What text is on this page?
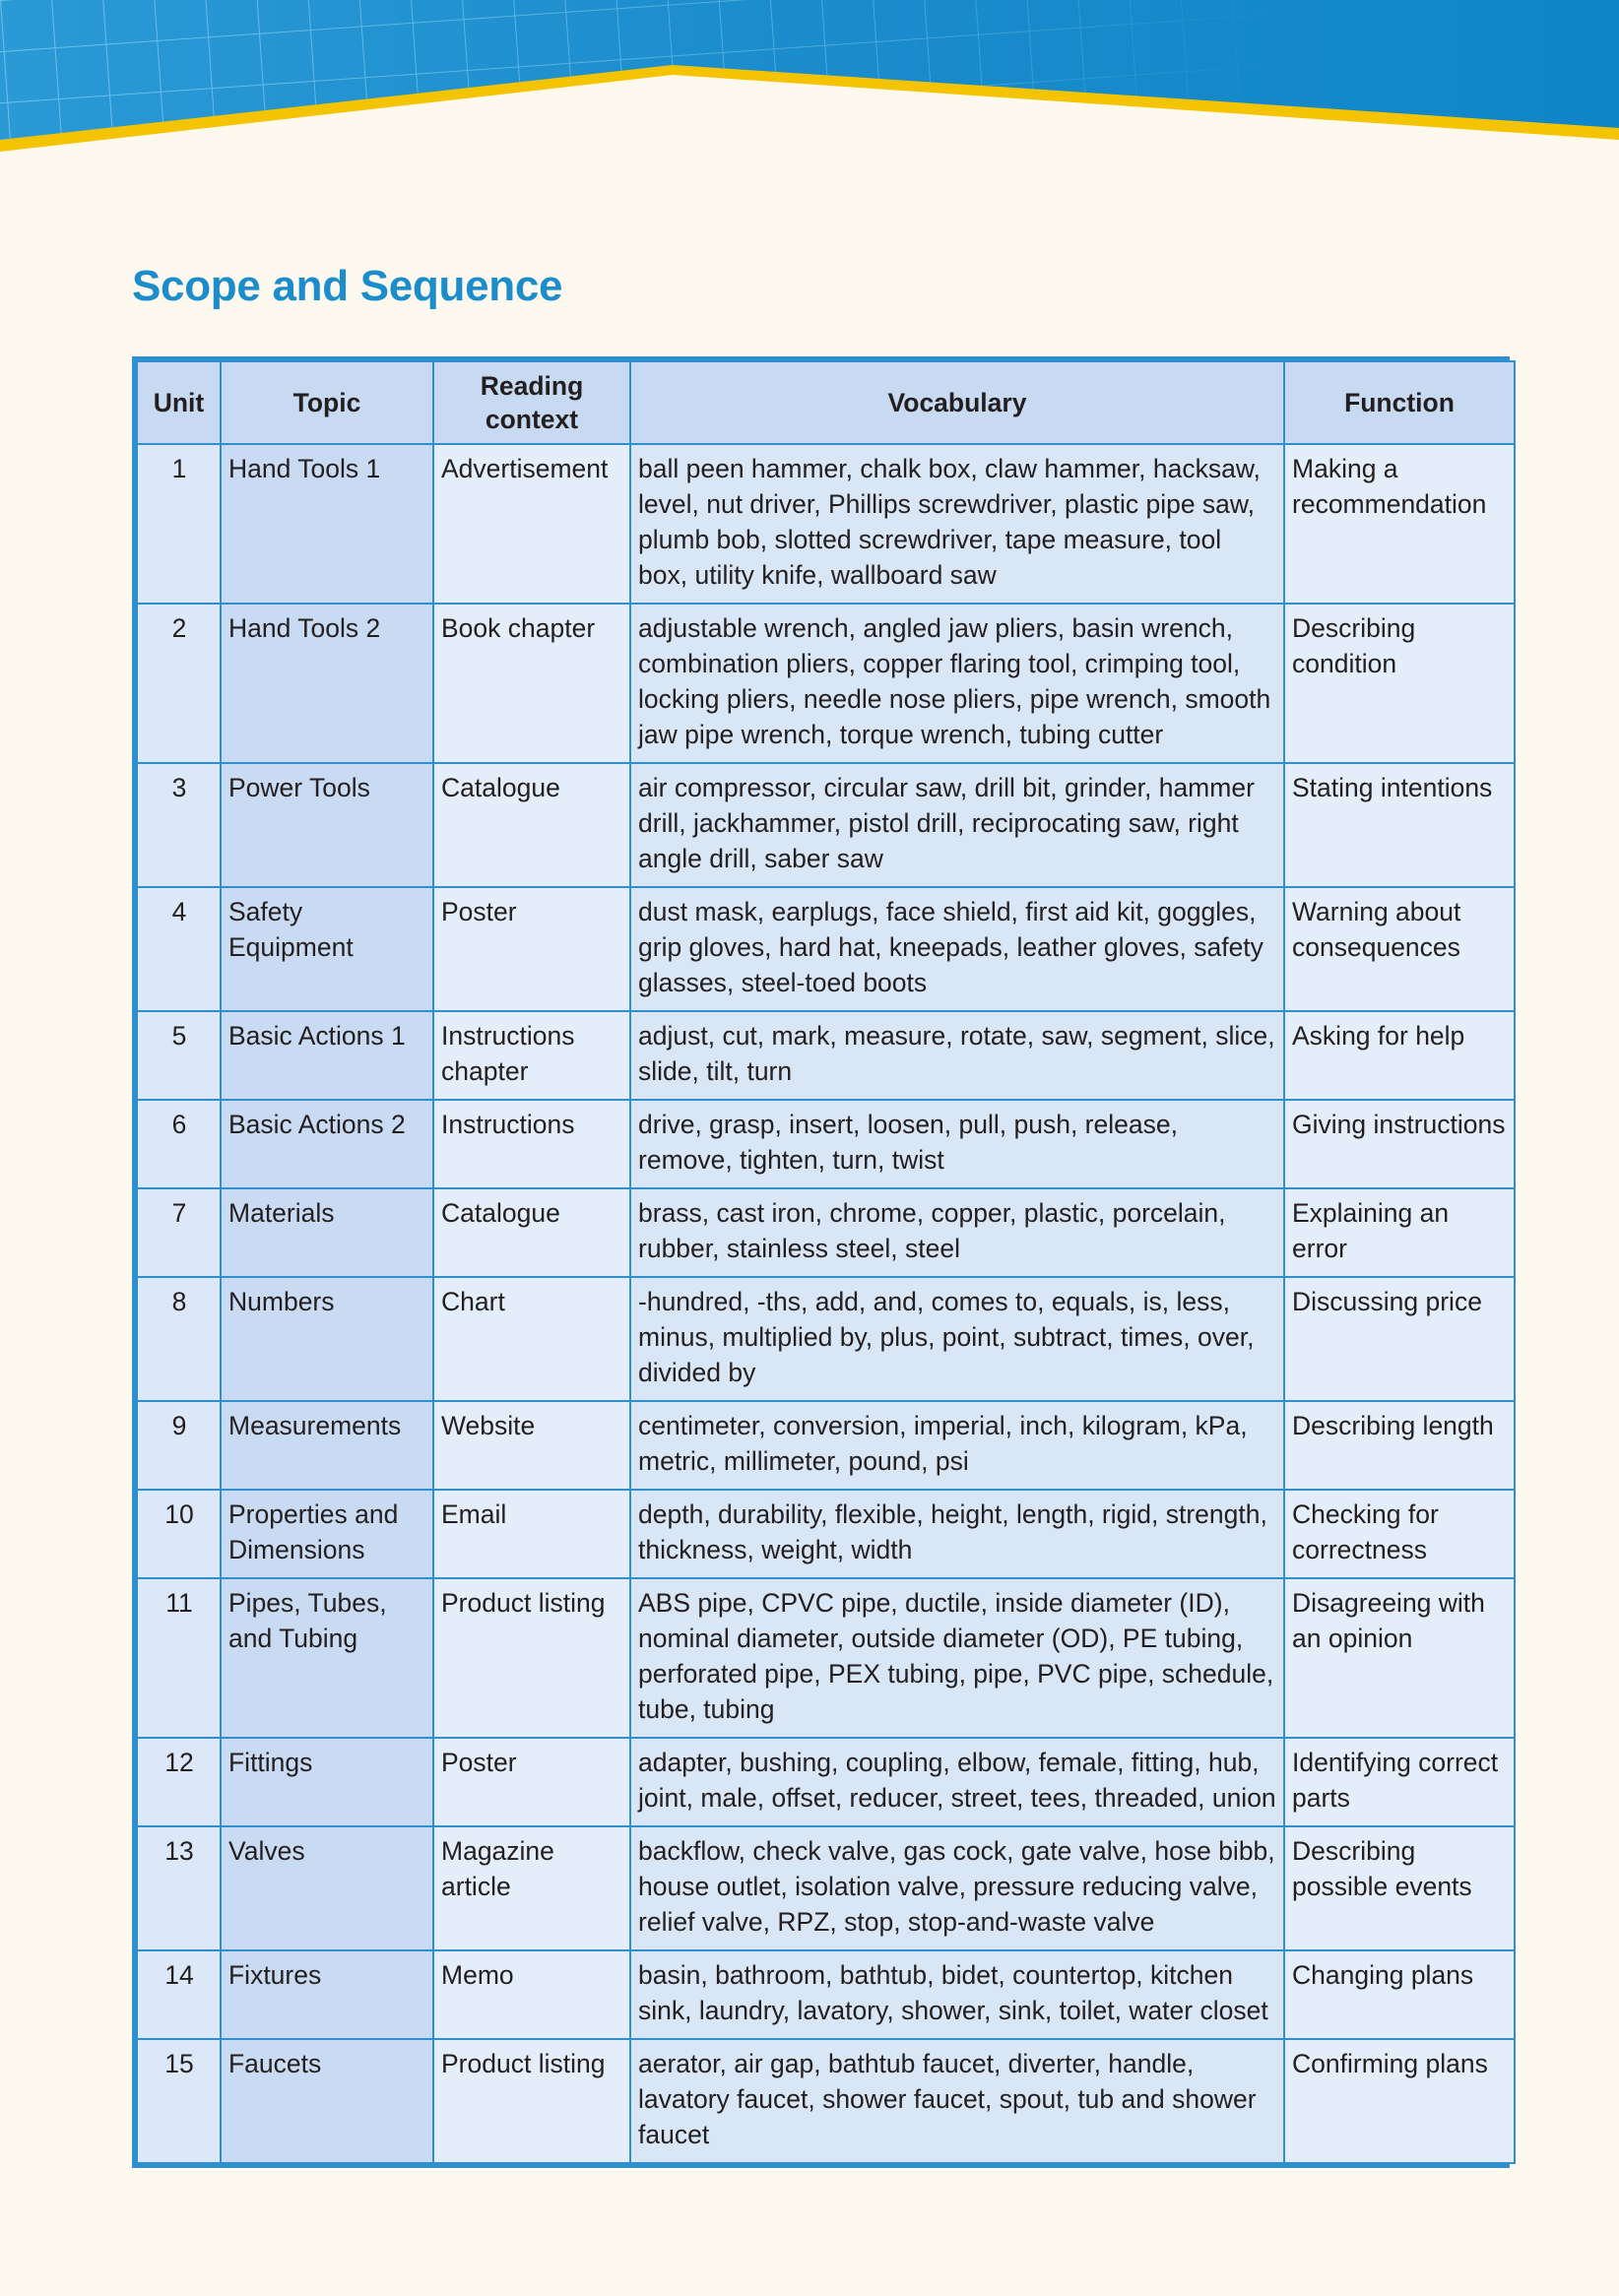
Scope and Sequence
Unit	Topic	Reading context	Vocabulary	Function
1	Hand Tools 1	Advertisement	ball peen hammer, chalk box, claw hammer, hacksaw, level, nut driver, Phillips screwdriver, plastic pipe saw, plumb bob, slotted screwdriver, tape measure, tool box, utility knife, wallboard saw	Making a recommendation
2	Hand Tools 2	Book chapter	adjustable wrench, angled jaw pliers, basin wrench, combination pliers, copper flaring tool, crimping tool, locking pliers, needle nose pliers, pipe wrench, smooth jaw pipe wrench, torque wrench, tubing cutter	Describing condition
3	Power Tools	Catalogue	air compressor, circular saw, drill bit, grinder, hammer drill, jackhammer, pistol drill, reciprocating saw, right angle drill, saber saw	Stating intentions
4	Safety Equipment	Poster	dust mask, earplugs, face shield, first aid kit, goggles, grip gloves, hard hat, kneepads, leather gloves, safety glasses, steel-toed boots	Warning about consequences
5	Basic Actions 1	Instructions chapter	adjust, cut, mark, measure, rotate, saw, segment, slice, slide, tilt, turn	Asking for help
6	Basic Actions 2	Instructions	drive, grasp, insert, loosen, pull, push, release, remove, tighten, turn, twist	Giving instructions
7	Materials	Catalogue	brass, cast iron, chrome, copper, plastic, porcelain, rubber, stainless steel, steel	Explaining an error
8	Numbers	Chart	-hundred, -ths, add, and, comes to, equals, is, less, minus, multiplied by, plus, point, subtract, times, over, divided by	Discussing price
9	Measurements	Website	centimeter, conversion, imperial, inch, kilogram, kPa, metric, millimeter, pound, psi	Describing length
10	Properties and Dimensions	Email	depth, durability, flexible, height, length, rigid, strength, thickness, weight, width	Checking for correctness
11	Pipes, Tubes, and Tubing	Product listing	ABS pipe, CPVC pipe, ductile, inside diameter (ID), nominal diameter, outside diameter (OD), PE tubing, perforated pipe, PEX tubing, pipe, PVC pipe, schedule, tube, tubing	Disagreeing with an opinion
12	Fittings	Poster	adapter, bushing, coupling, elbow, female, fitting, hub, joint, male, offset, reducer, street, tees, threaded, union	Identifying correct parts
13	Valves	Magazine article	backflow, check valve, gas cock, gate valve, hose bibb, house outlet, isolation valve, pressure reducing valve, relief valve, RPZ, stop, stop-and-waste valve	Describing possible events
14	Fixtures	Memo	basin, bathroom, bathtub, bidet, countertop, kitchen sink, laundry, lavatory, shower, sink, toilet, water closet	Changing plans
15	Faucets	Product listing	aerator, air gap, bathtub faucet, diverter, handle, lavatory faucet, shower faucet, spout, tub and shower faucet	Confirming plans
